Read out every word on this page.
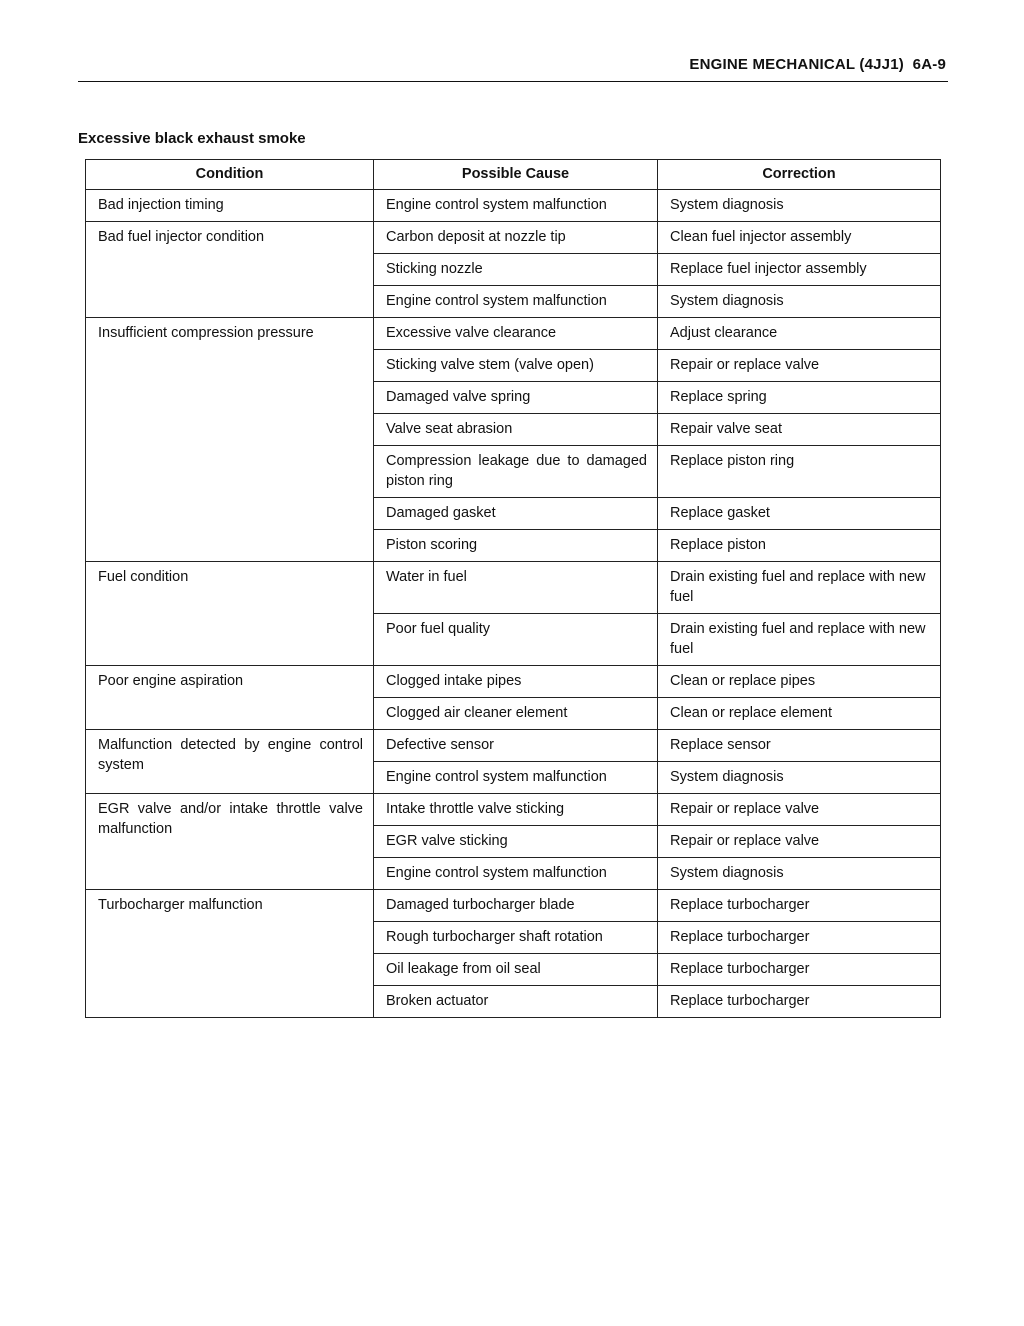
ENGINE MECHANICAL (4JJ1)  6A-9
Excessive black exhaust smoke
Condition	Possible Cause	Correction
Bad injection timing	Engine control system malfunction	System diagnosis
Bad fuel injector condition	Carbon deposit at nozzle tip	Clean fuel injector assembly
	Sticking nozzle	Replace fuel injector assembly
	Engine control system malfunction	System diagnosis
Insufficient compression pressure	Excessive valve clearance	Adjust clearance
	Sticking valve stem (valve open)	Repair or replace valve
	Damaged valve spring	Replace spring
	Valve seat abrasion	Repair valve seat
	Compression leakage due to damaged piston ring	Replace piston ring
	Damaged gasket	Replace gasket
	Piston scoring	Replace piston
Fuel condition	Water in fuel	Drain existing fuel and replace with new fuel
	Poor fuel quality	Drain existing fuel and replace with new fuel
Poor engine aspiration	Clogged intake pipes	Clean or replace pipes
	Clogged air cleaner element	Clean or replace element
Malfunction detected by engine control system	Defective sensor	Replace sensor
	Engine control system malfunction	System diagnosis
EGR valve and/or intake throttle valve malfunction	Intake throttle valve sticking	Repair or replace valve
	EGR valve sticking	Repair or replace valve
	Engine control system malfunction	System diagnosis
Turbocharger malfunction	Damaged turbocharger blade	Replace turbocharger
	Rough turbocharger shaft rotation	Replace turbocharger
	Oil leakage from oil seal	Replace turbocharger
	Broken actuator	Replace turbocharger
